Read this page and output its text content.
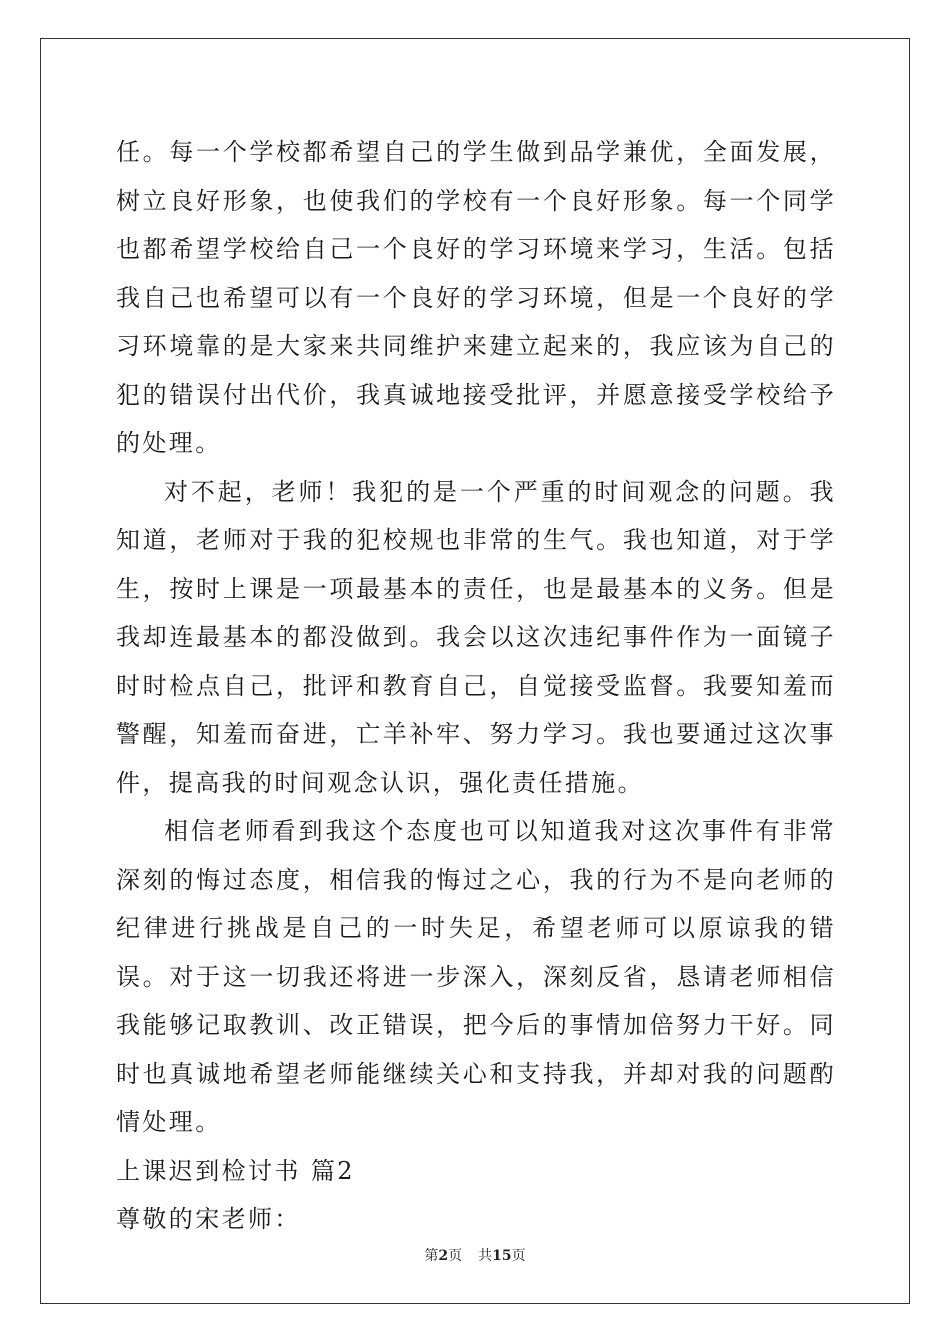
任。每一个学校都希望自己的学生做到品学兼优，全面发展，树立良好形象，也使我们的学校有一个良好形象。每一个同学也都希望学校给自己一个良好的学习环境来学习，生活。包括我自己也希望可以有一个良好的学习环境，但是一个良好的学习环境靠的是大家来共同维护来建立起来的，我应该为自己的犯的错误付出代价，我真诚地接受批评，并愿意接受学校给予的处理。

对不起，老师！我犯的是一个严重的时间观念的问题。我知道，老师对于我的犯校规也非常的生气。我也知道，对于学生，按时上课是一项最基本的责任，也是最基本的义务。但是我却连最基本的都没做到。我会以这次违纪事件作为一面镜子时时检点自己，批评和教育自己，自觉接受监督。我要知羞而警醒，知羞而奋进，亡羊补牢、努力学习。我也要通过这次事件，提高我的时间观念认识，强化责任措施。

相信老师看到我这个态度也可以知道我对这次事件有非常深刻的悔过态度，相信我的悔过之心，我的行为不是向老师的纪律进行挑战是自己的一时失足，希望老师可以原谅我的错误。对于这一切我还将进一步深入，深刻反省，恳请老师相信我能够记取教训、改正错误，把今后的事情加倍努力干好。同时也真诚地希望老师能继续关心和支持我，并却对我的问题酌情处理。

上课迟到检讨书 篇2

尊敬的宋老师：

第2页 共15页
